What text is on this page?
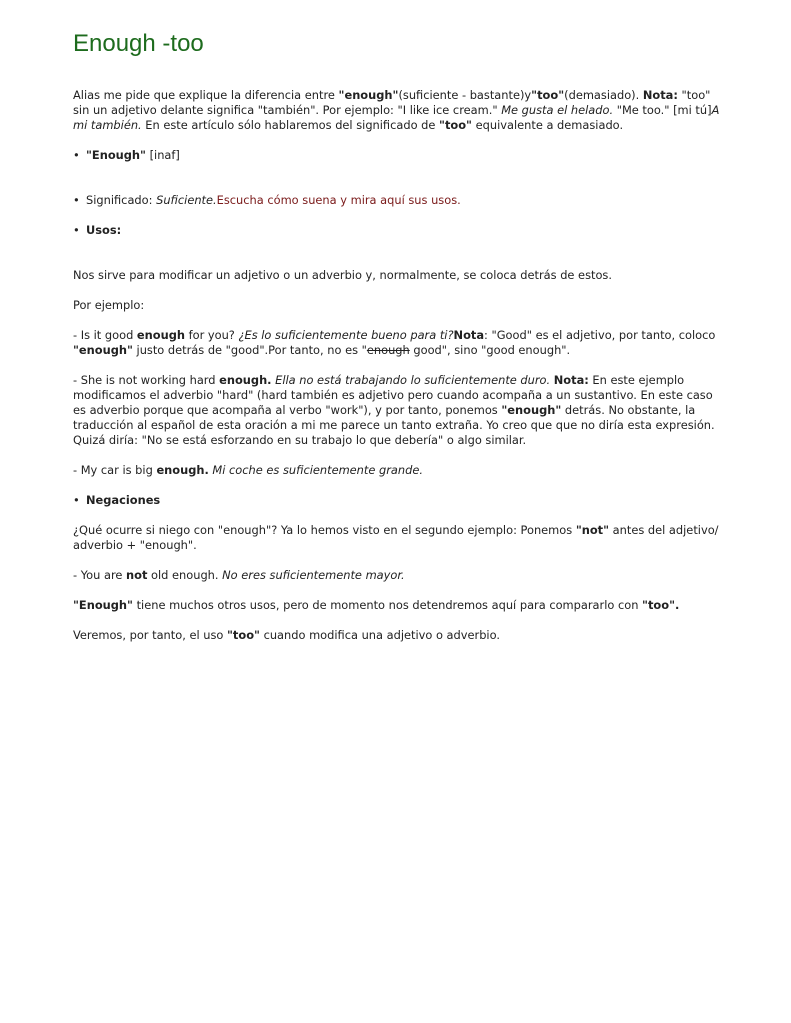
Enough -too

Alias me pide que explique la diferencia entre "enough"(suficiente - bastante)y"too"(demasiado). Nota: "too" sin un adjetivo delante significa "también". Por ejemplo: "I like ice cream." Me gusta el helado. "Me too." [mi tú]A mi también. En este artículo sólo hablaremos del significado de "too" equivalente a demasiado.

• "Enough" [inaf]
• Significado: Suficiente.Escucha cómo suena y mira aquí sus usos.
• Usos:

Nos sirve para modificar un adjetivo o un adverbio y, normalmente, se coloca detrás de estos.

Por ejemplo:

- Is it good enough for you? ¿Es lo suficientemente bueno para ti?Nota: "Good" es el adjetivo, por tanto, coloco "enough" justo detrás de "good".Por tanto, no es "enough good", sino "good enough".

- She is not working hard enough. Ella no está trabajando lo suficientemente duro. Nota: En este ejemplo modificamos el adverbio "hard" (hard también es adjetivo pero cuando acompaña a un sustantivo. En este caso es adverbio porque que acompaña al verbo "work"), y por tanto, ponemos "enough" detrás. No obstante, la traducción al español de esta oración a mi me parece un tanto extraña. Yo creo que que no diría esta expresión. Quizá diría: "No se está esforzando en su trabajo lo que debería" o algo similar.

- My car is big enough. Mi coche es suficientemente grande.

• Negaciones

¿Qué ocurre si niego con "enough"? Ya lo hemos visto en el segundo ejemplo: Ponemos "not" antes del adjetivo/ adverbio + "enough".

- You are not old enough. No eres suficientemente mayor.

"Enough" tiene muchos otros usos, pero de momento nos detendremos aquí para compararlo con "too".

Veremos, por tanto, el uso "too" cuando modifica una adjetivo o adverbio.
